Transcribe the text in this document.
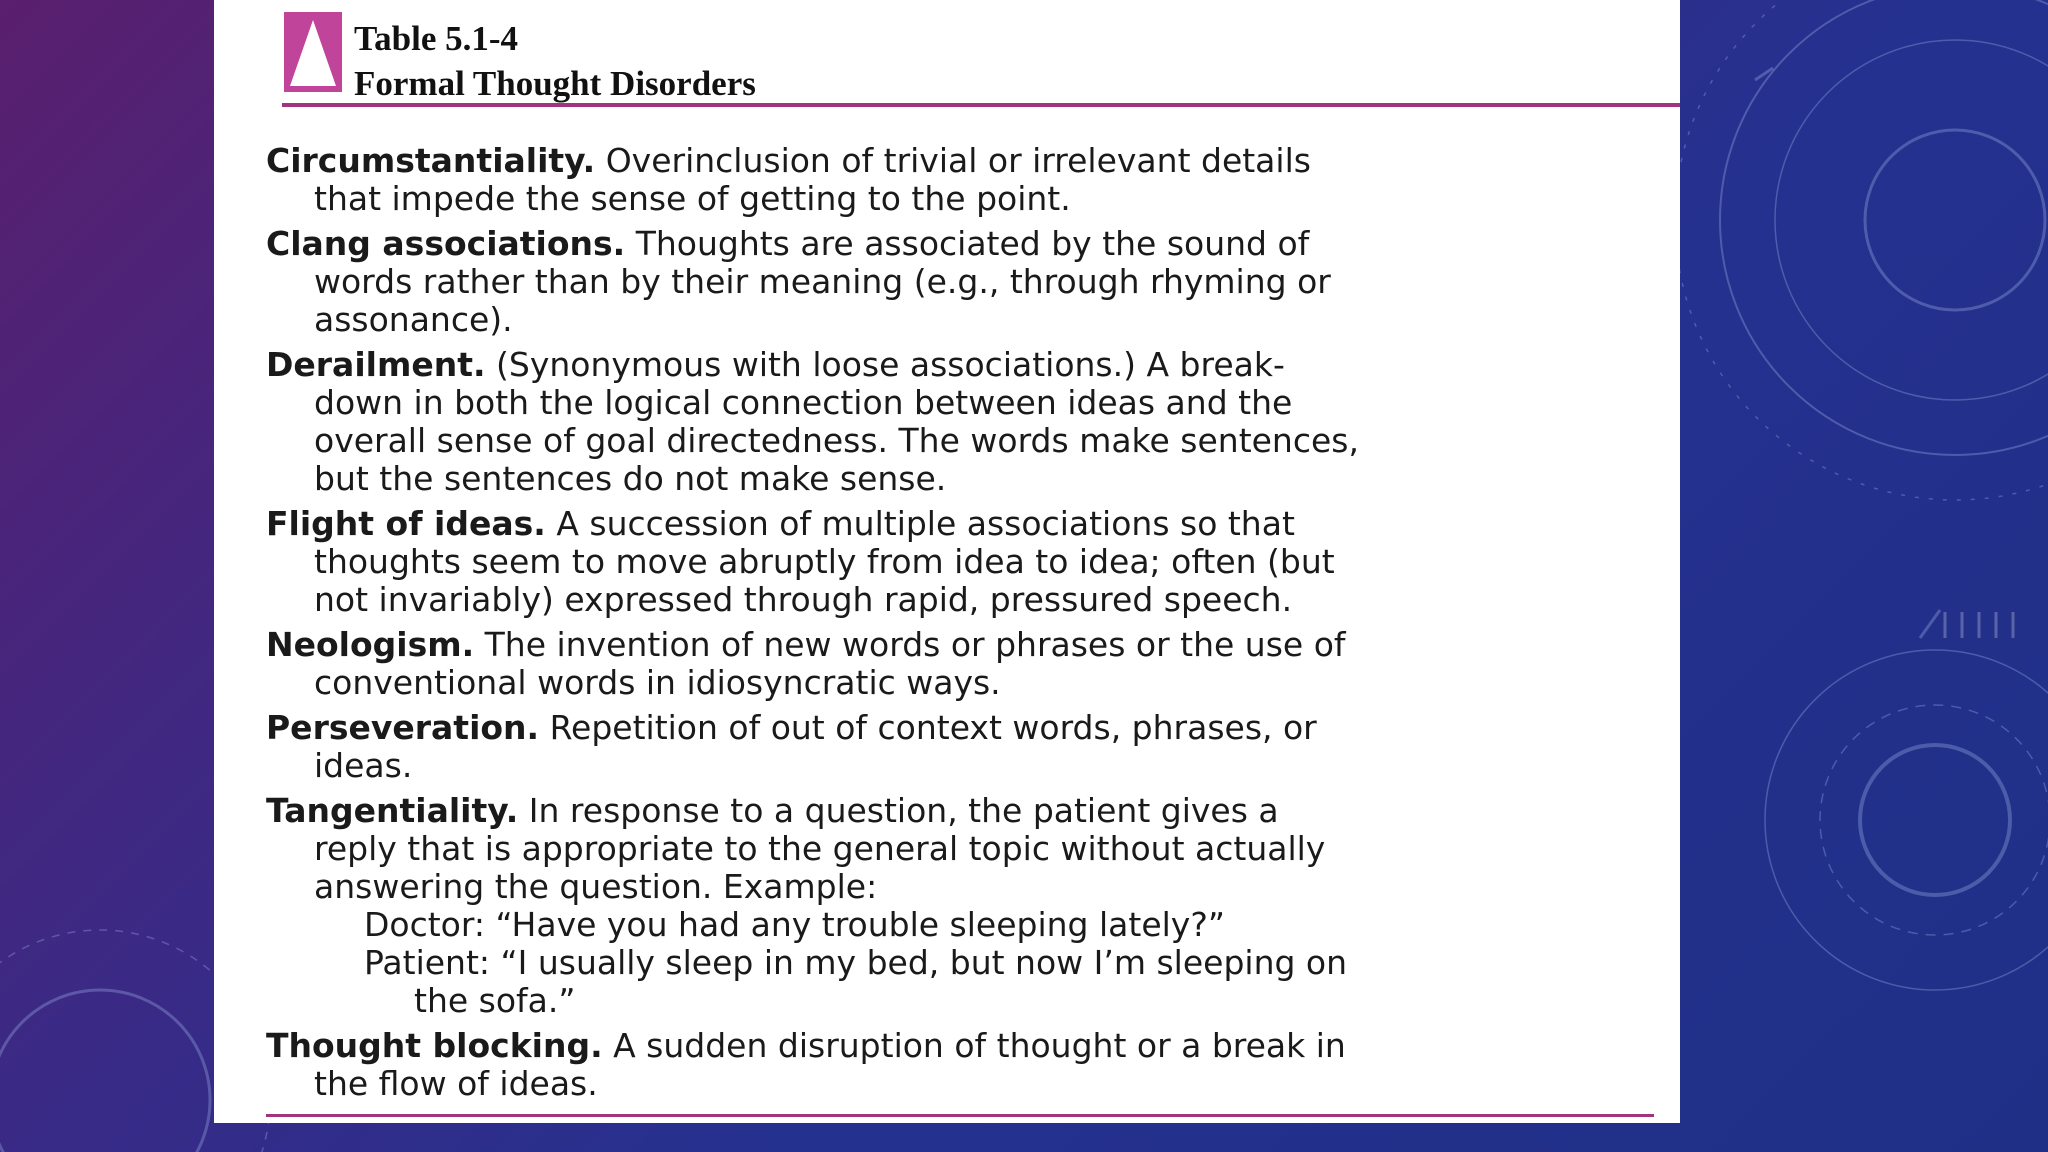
Table 5.1-4
Formal Thought Disorders
Circumstantiality. Overinclusion of trivial or irrelevant details
that impede the sense of getting to the point.
Clang associations. Thoughts are associated by the sound of
words rather than by their meaning (e.g., through rhyming or
assonance).
Derailment. (Synonymous with loose associations.) A break-
down in both the logical connection between ideas and the
overall sense of goal directedness. The words make sentences,
but the sentences do not make sense.
Flight of ideas. A succession of multiple associations so that
thoughts seem to move abruptly from idea to idea; often (but
not invariably) expressed through rapid, pressured speech.
Neologism. The invention of new words or phrases or the use of
conventional words in idiosyncratic ways.
Perseveration. Repetition of out of context words, phrases, or
ideas.
Tangentiality. In response to a question, the patient gives a
reply that is appropriate to the general topic without actually
answering the question. Example:
Doctor: “Have you had any trouble sleeping lately?”
Patient: “I usually sleep in my bed, but now I’m sleeping on
the sofa.”
Thought blocking. A sudden disruption of thought or a break in
the flow of ideas.
